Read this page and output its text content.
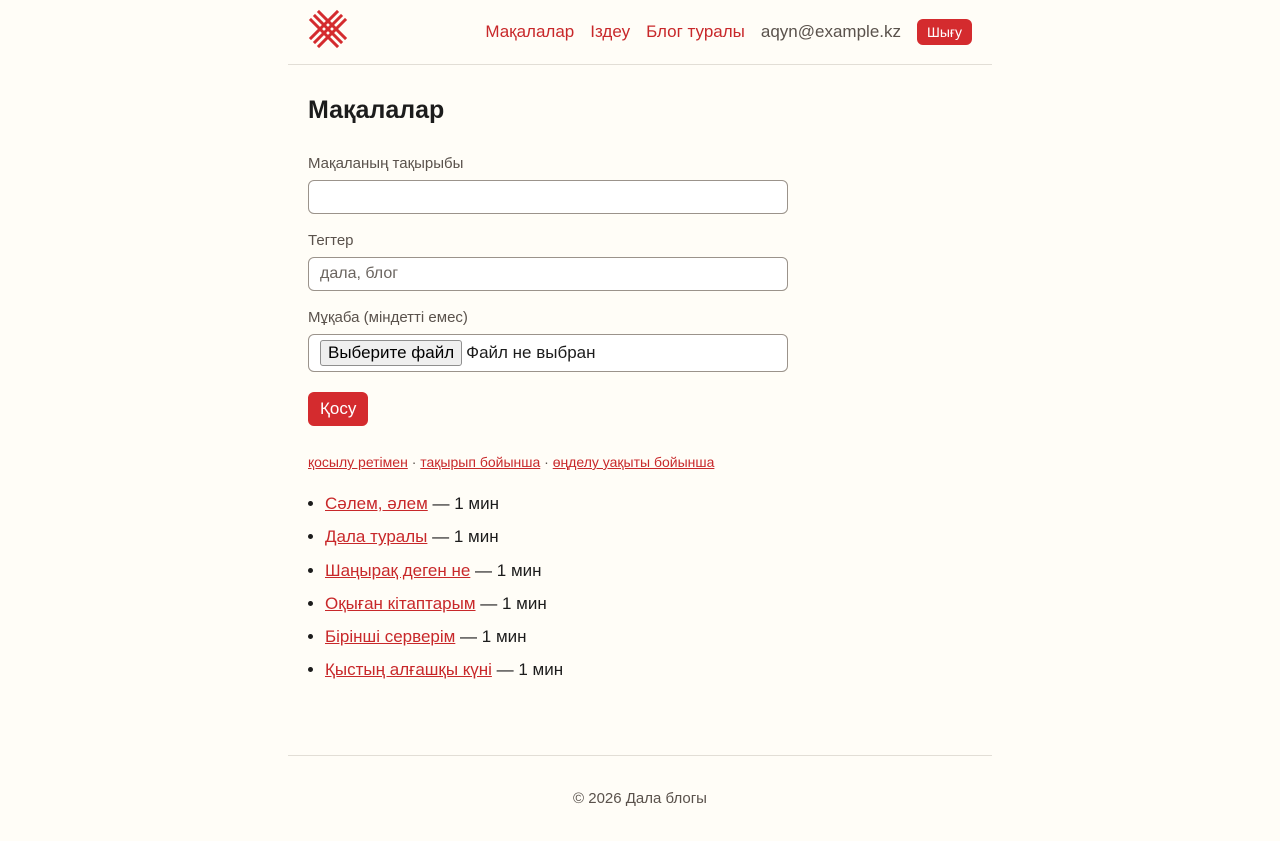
Мақалалар Іздеу Блог туралы aqyn@example.kz	Шығу
Мақалалар
Мақаланың тақырыбы
Тегтер
дала, блог
Мұқаба (міндетті емес)
Выберите файл Файл не выбран
Қосу
қосылу ретімен · тақырып бойынша · өңделу уақыты бойынша
• Сәлем, әлем — 1 мин
• Дала туралы — 1 мин
• Шаңырақ деген не — 1 мин
• Оқыған кітаптарым — 1 мин
• Бірінші серверім — 1 мин
• Қыстың алғашқы күні — 1 мин

© 2026 Дала блогы
